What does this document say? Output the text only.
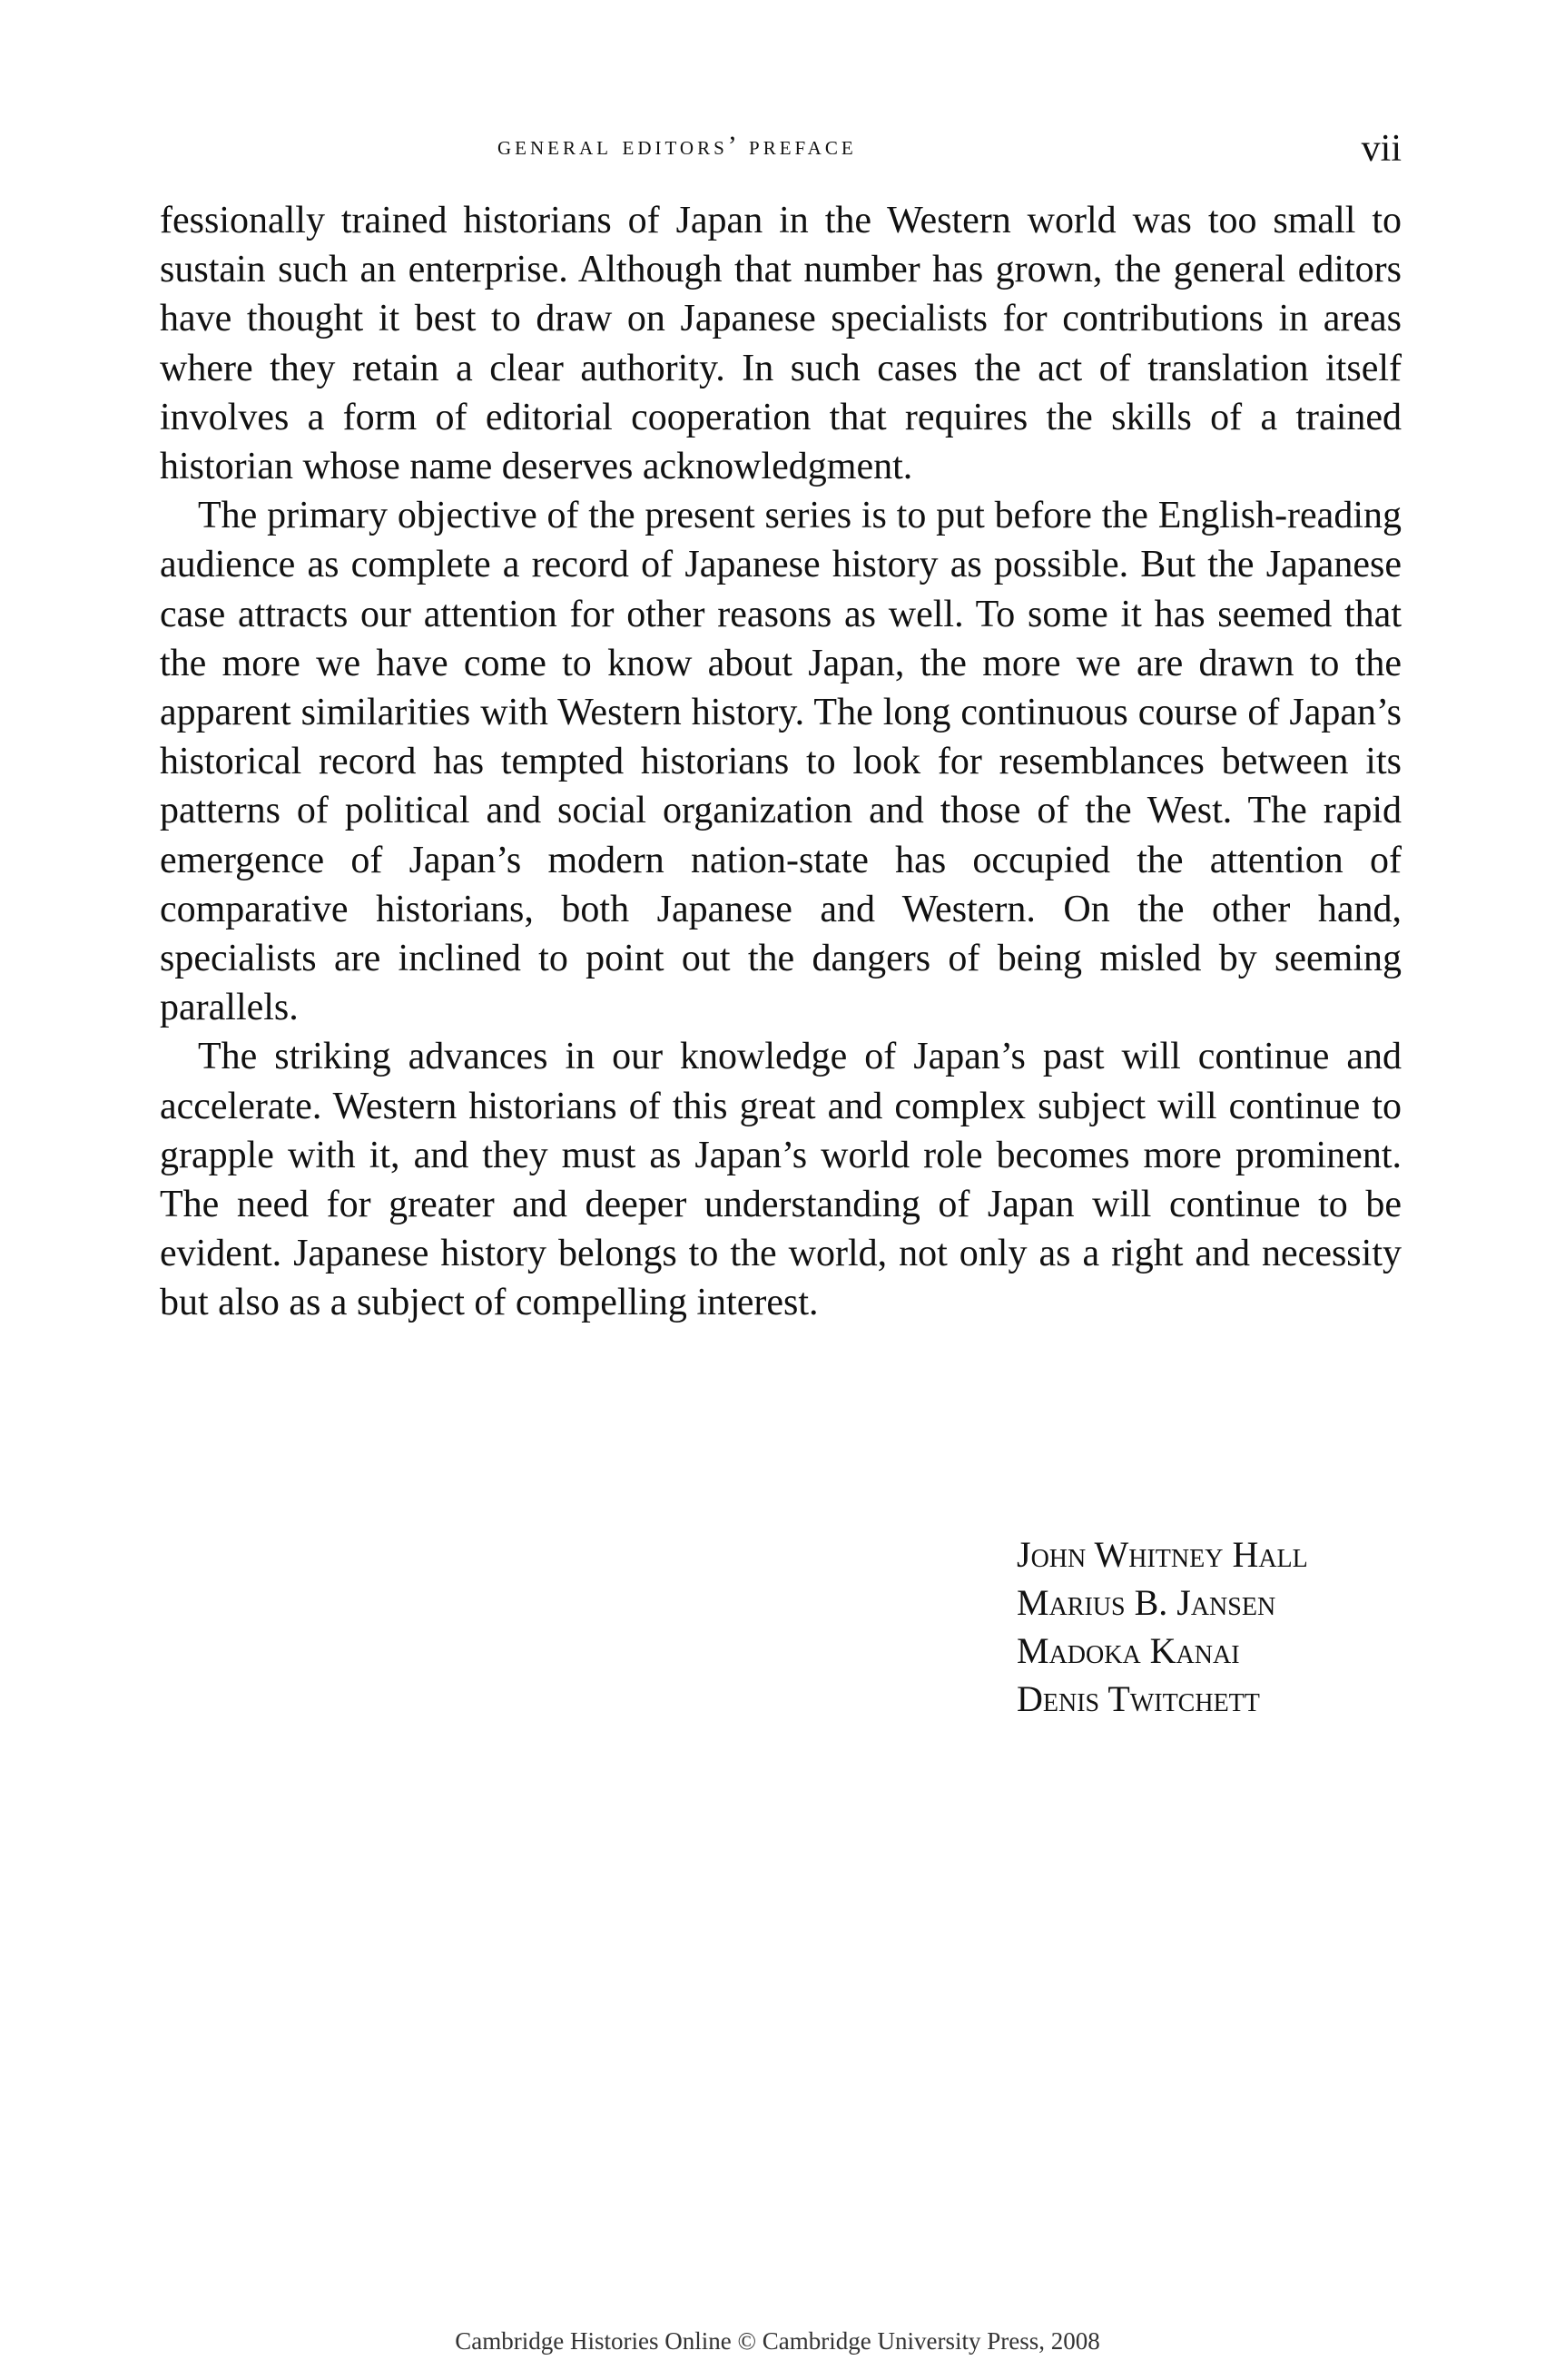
general editors’ preface	vii

fessionally trained historians of Japan in the Western world was too small to sustain such an enterprise. Although that number has grown, the general editors have thought it best to draw on Japanese specialists for contributions in areas where they retain a clear authority. In such cases the act of translation itself involves a form of editorial cooperation that requires the skills of a trained historian whose name deserves acknowledgment.

The primary objective of the present series is to put before the English-reading audience as complete a record of Japanese history as possible. But the Japanese case attracts our attention for other reasons as well. To some it has seemed that the more we have come to know about Japan, the more we are drawn to the apparent similarities with Western history. The long continuous course of Japan’s historical record has tempted historians to look for resemblances between its patterns of political and social organization and those of the West. The rapid emergence of Japan’s modern nation-state has occupied the attention of comparative historians, both Japanese and Western. On the other hand, specialists are inclined to point out the dangers of being misled by seeming parallels.

The striking advances in our knowledge of Japan’s past will continue and accelerate. Western historians of this great and complex subject will continue to grapple with it, and they must as Japan’s world role becomes more prominent. The need for greater and deeper understanding of Japan will continue to be evident. Japanese history belongs to the world, not only as a right and necessity but also as a subject of compelling interest.

John Whitney Hall
Marius B. Jansen
Madoka Kanai
Denis Twitchett
Cambridge Histories Online © Cambridge University Press, 2008
